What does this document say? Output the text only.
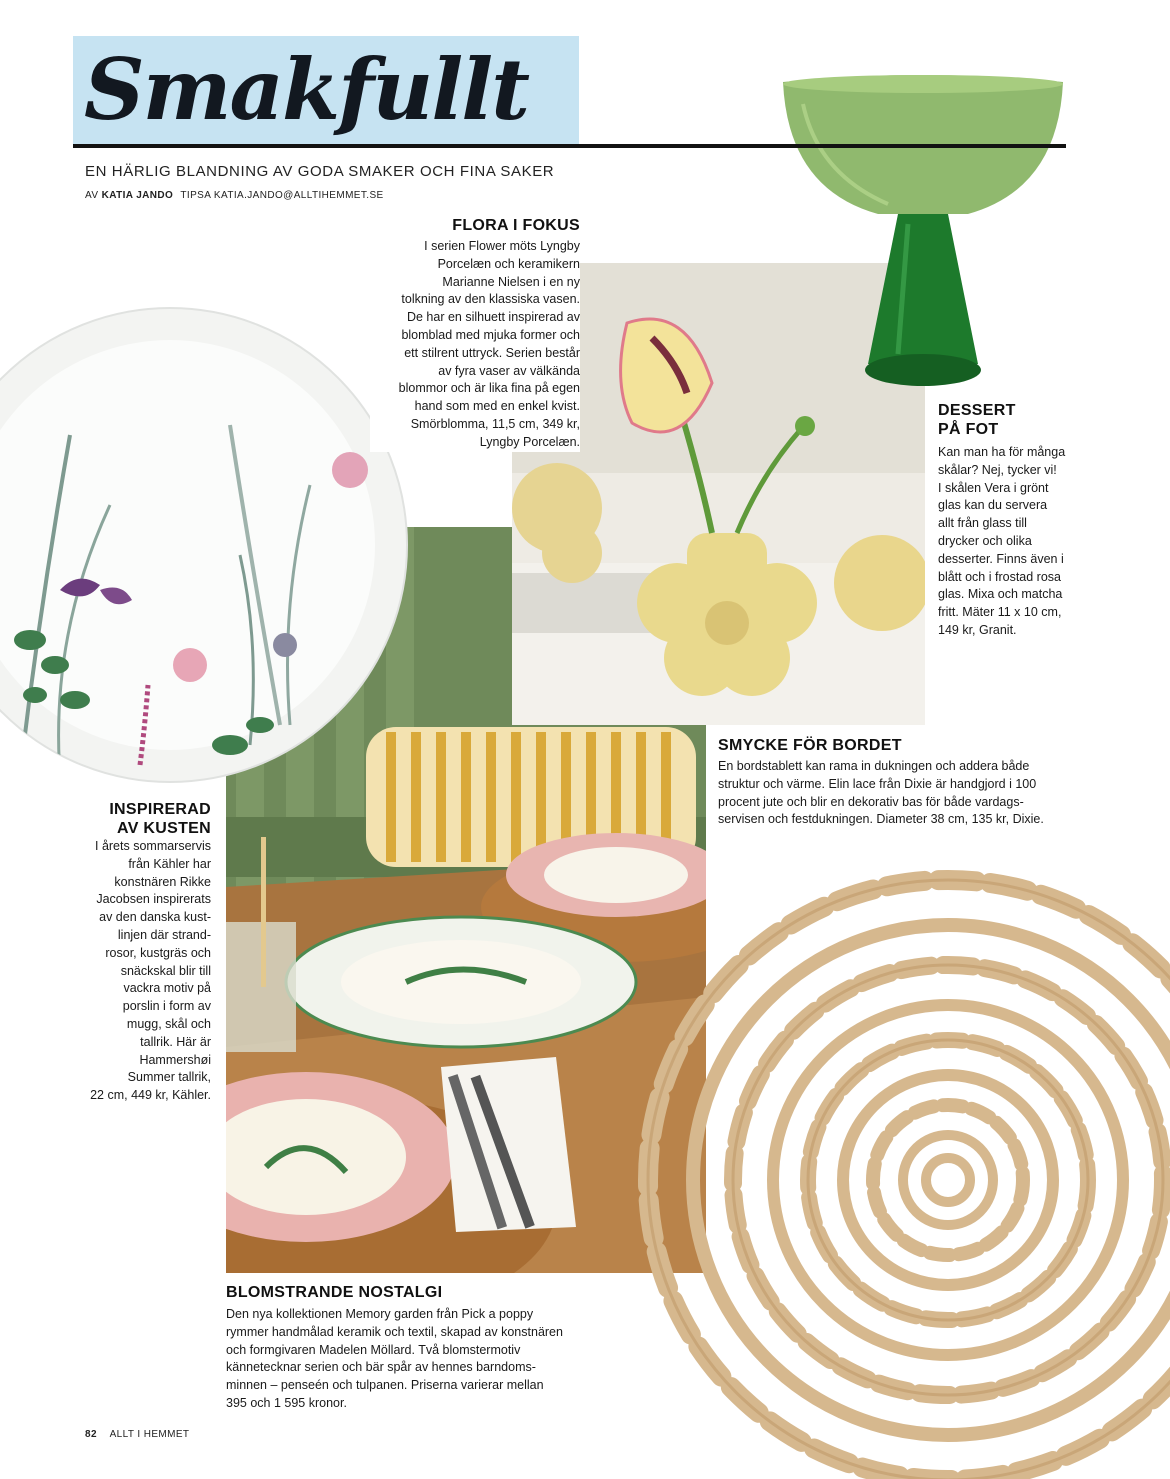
Smakfullt
EN HÄRLIG BLANDNING AV GODA SMAKER OCH FINA SAKER
AV KATIA JANDO TIPSA KATIA.JANDO@ALLTIHEMMET.SE
FLORA I FOKUS
I serien Flower möts Lyngby
Porcelæn och keramikern
Marianne Nielsen i en ny
tolkning av den klassiska vasen.
De har en silhuett inspirerad av
blomblad med mjuka former och
ett stilrent uttryck. Serien består
av fyra vaser av välkända
blommor och är lika fina på egen
hand som med en enkel kvist.
Smörblomma, 11,5 cm, 349 kr,
Lyngby Porcelæn.
DESSERT
PÅ FOT
Kan man ha för många
skålar? Nej, tycker vi!
I skålen Vera i grönt
glas kan du servera
allt från glass till
drycker och olika
desserter. Finns även i
blått och i frostad rosa
glas. Mixa och matcha
fritt. Mäter 11 x 10 cm,
149 kr, Granit.
SMYCKE FÖR BORDET
En bordstablett kan rama in dukningen och addera både
struktur och värme. Elin lace från Dixie är handgjord i 100
procent jute och blir en dekorativ bas för både vardags-
servisen och festdukningen. Diameter 38 cm, 135 kr, Dixie.
INSPIRERAD
AV KUSTEN
I årets sommarservis
från Kähler har
konstnären Rikke
Jacobsen inspirerats
av den danska kust-
linjen där strand-
rosor, kustgräs och
snäckskal blir till
vackra motiv på
porslin i form av
mugg, skål och
tallrik. Här är
Hammershøi
Summer tallrik,
22 cm, 449 kr, Kähler.
BLOMSTRANDE NOSTALGI
Den nya kollektionen Memory garden från Pick a poppy
rymmer handmålad keramik och textil, skapad av konstnären
och formgivaren Madelen Möllard. Två blomstermotiv
kännetecknar serien och bär spår av hennes barndoms-
minnen – penseén och tulpanen. Priserna varierar mellan
395 och 1 595 kronor.
82 ALLT I HEMMET
